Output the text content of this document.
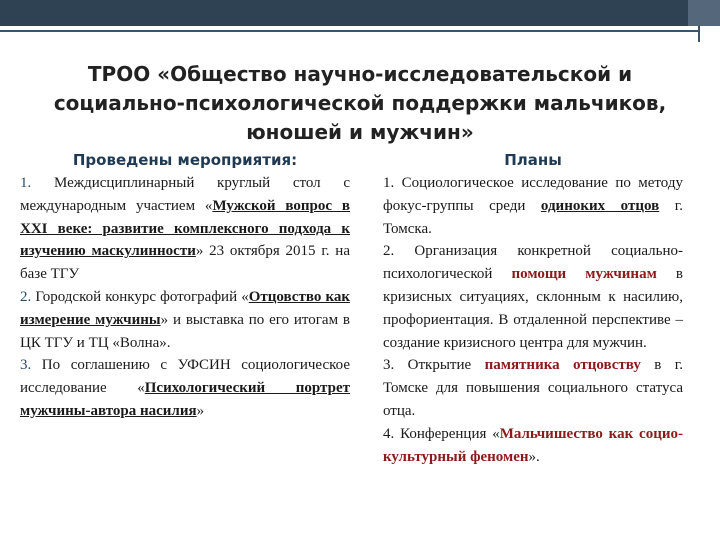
ТРОО «Общество научно-исследовательской и социально-психологической поддержки мальчиков, юношей и мужчин»
Проведены мероприятия:

1. Междисциплинарный круглый стол с международным участием «Мужской вопрос в XXI веке: развитие комплексного подхода к изучению маскулинности» 23 октября 2015 г. на базе ТГУ

2. Городской конкурс фотографий «Отцовство как измерение мужчины» и выставка по его итогам в ЦК ТГУ и ТЦ «Волна».

3. По соглашению с УФСИН социологическое исследование «Психологический портрет мужчины-автора насилия»

Планы

1. Социологическое исследование по методу фокус-группы среди одиноких отцов г. Томска.

2. Организация конкретной социально-психологической помощи мужчинам в кризисных ситуациях, склонным к насилию, профориентация. В отдаленной перспективе – создание кризисного центра для мужчин.

3. Открытие памятника отцовству в г. Томске для повышения социального статуса отца.

4. Конференция «Мальчишество как социо-культурный феномен».
